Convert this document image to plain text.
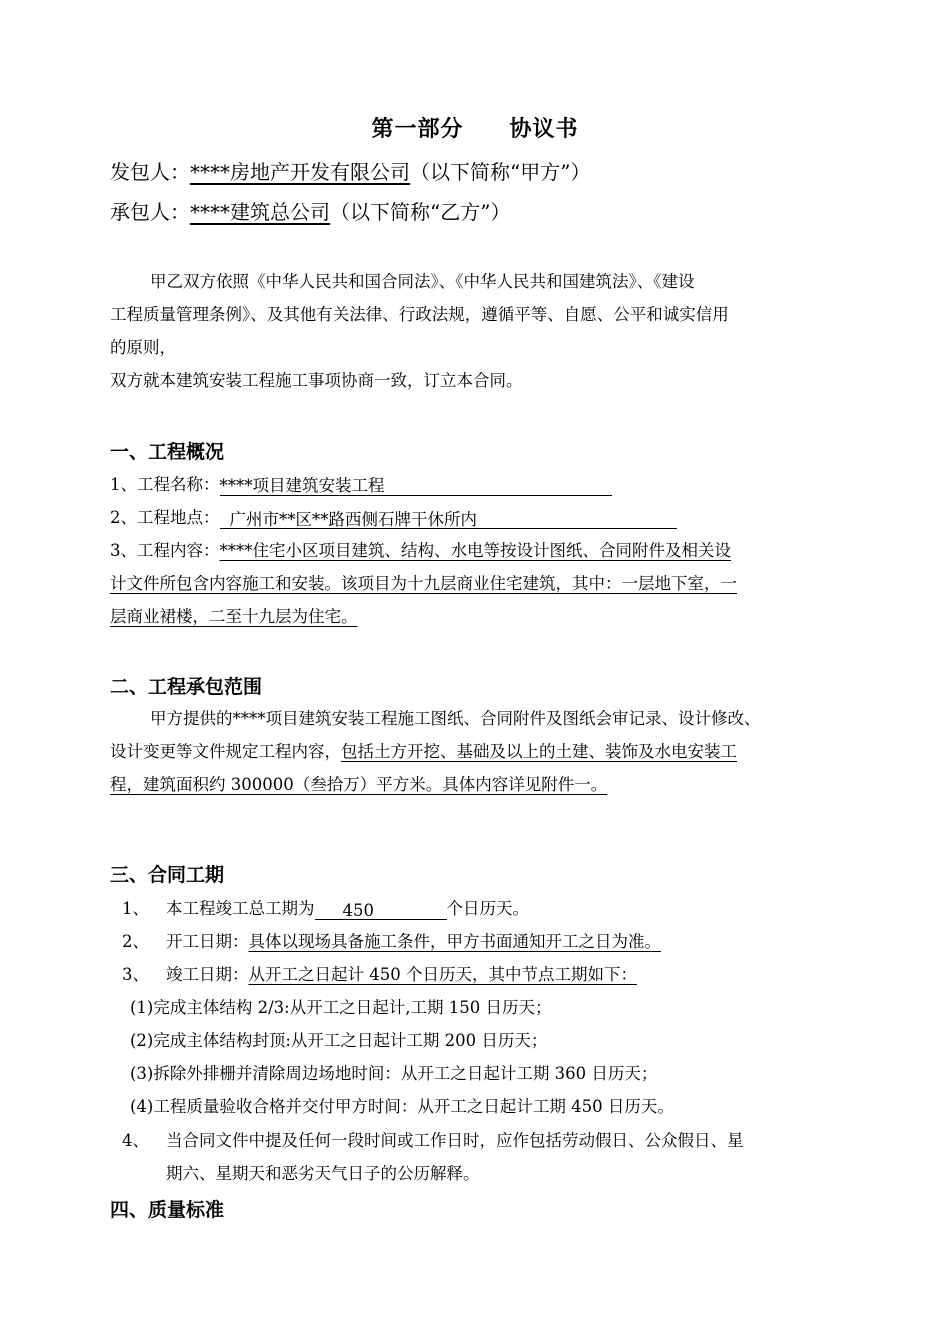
第一部分　　协议书
发包人：****房地产开发有限公司（以下简称“甲方”）
承包人：****建筑总公司（以下简称“乙方”）
甲乙双方依照《中华人民共和国合同法》、《中华人民共和国建筑法》、《建设
工程质量管理条例》、及其他有关法律、行政法规，遵循平等、自愿、公平和诚实信用
的原则，
双方就本建筑安装工程施工事项协商一致，订立本合同。
一、工程概况
1、工程名称：****项目建筑安装工程
2、工程地点： 广州市**区**路西侧石牌干休所内
3、工程内容：****住宅小区项目建筑、结构、水电等按设计图纸、合同附件及相关设
计文件所包含内容施工和安装。该项目为十九层商业住宅建筑，其中：一层地下室，一
层商业裙楼，二至十九层为住宅。
二、工程承包范围
甲方提供的****项目建筑安装工程施工图纸、合同附件及图纸会审记录、设计修改、
设计变更等文件规定工程内容，包括土方开挖、基础及以上的土建、装饰及水电安装工
程，建筑面积约 300000（叁拾万）平方米。具体内容详见附件一。
三、合同工期
1、 本工程竣工总工期为 450	个日历天。
2、 开工日期：具体以现场具备施工条件，甲方书面通知开工之日为准。
3、 竣工日期：从开工之日起计 450 个日历天，其中节点工期如下：
(1)完成主体结构 2/3:从开工之日起计,工期 150 日历天；
(2)完成主体结构封顶:从开工之日起计工期 200 日历天；
(3)拆除外排栅并清除周边场地时间：从开工之日起计工期 360 日历天；
(4)工程质量验收合格并交付甲方时间：从开工之日起计工期 450 日历天。
4、 当合同文件中提及任何一段时间或工作日时，应作包括劳动假日、公众假日、星
期六、星期天和恶劣天气日子的公历解释。
四、质量标准
